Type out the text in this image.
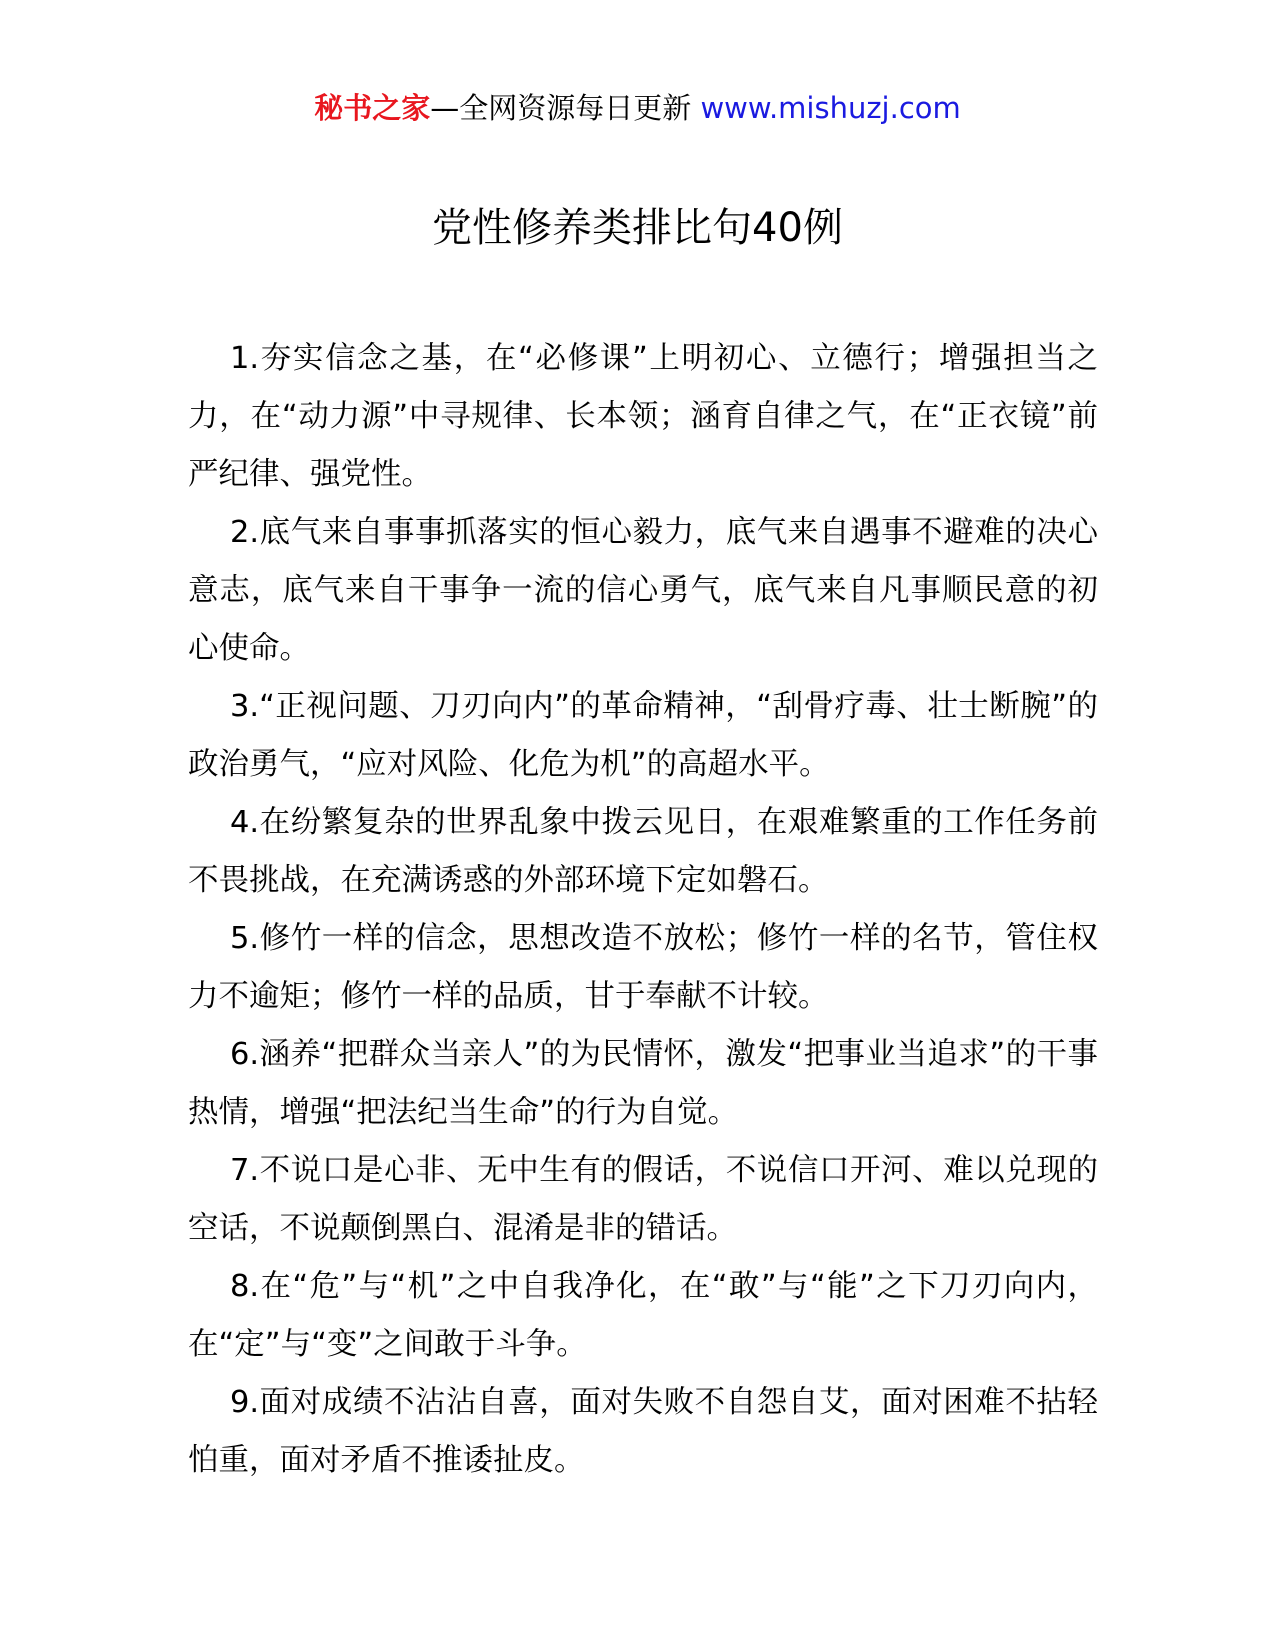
秘书之家—全网资源每日更新 www.mishuzj.com
党性修养类排比句40例

1.夯实信念之基，在“必修课”上明初心、立德行；增强担当之力，在“动力源”中寻规律、长本领；涵育自律之气，在“正衣镜”前严纪律、强党性。

2.底气来自事事抓落实的恒心毅力，底气来自遇事不避难的决心意志，底气来自干事争一流的信心勇气，底气来自凡事顺民意的初心使命。

3.“正视问题、刀刃向内”的革命精神，“刮骨疗毒、壮士断腕”的政治勇气，“应对风险、化危为机”的高超水平。

4.在纷繁复杂的世界乱象中拨云见日，在艰难繁重的工作任务前不畏挑战，在充满诱惑的外部环境下定如磐石。

5.修竹一样的信念，思想改造不放松；修竹一样的名节，管住权力不逾矩；修竹一样的品质，甘于奉献不计较。

6.涵养“把群众当亲人”的为民情怀，激发“把事业当追求”的干事热情，增强“把法纪当生命”的行为自觉。

7.不说口是心非、无中生有的假话，不说信口开河、难以兑现的空话，不说颠倒黑白、混淆是非的错话。

8.在“危”与“机”之中自我净化，在“敢”与“能”之下刀刃向内，在“定”与“变”之间敢于斗争。

9.面对成绩不沾沾自喜，面对失败不自怨自艾，面对困难不拈轻怕重，面对矛盾不推诿扯皮。
